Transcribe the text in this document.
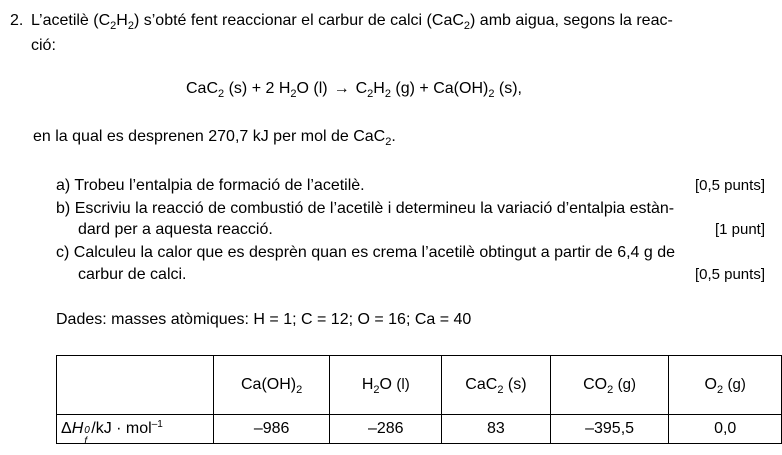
2. L’acetilè $(C_2H_2)$ s’obté fent reaccionar el carbur de calci (CaC$_2$) amb aigua, segons la reac-
ció:
CaC$_2$ (s) + 2 $H_2O$ $(l) \to C_2H_2$ $(g) + Ca(OH)_2$ (s),
en la qual es desprenen 270,7 kJ per mol de CaC$_2$.
a) Trobeu l’entalpia de formació de l’acetilè.	[0,5 punts]
b) Escriviu la reacció de combustió de l’acetilè i determineu la variació d’entalpia estàn-
dard per a aquesta reacció.	[1 punt]
c) Calculeu la calor que es desprèn quan es crema l’acetilè obtingut a partir de 6,4 g de
carbur de calci.	[0,5 punts]
Dades: masses atòmiques: H = 1; C = 12; O = 16; Ca = 40
	$Ca(OH)_2$	$H_2O$ (l)	CaC$_2$ (s)	$CO_2$ (g)	$O_2$ (g)
ΔH 0
f
/kJ · mol$^{-1}$	–986	–286	83	–395,5	0,0
